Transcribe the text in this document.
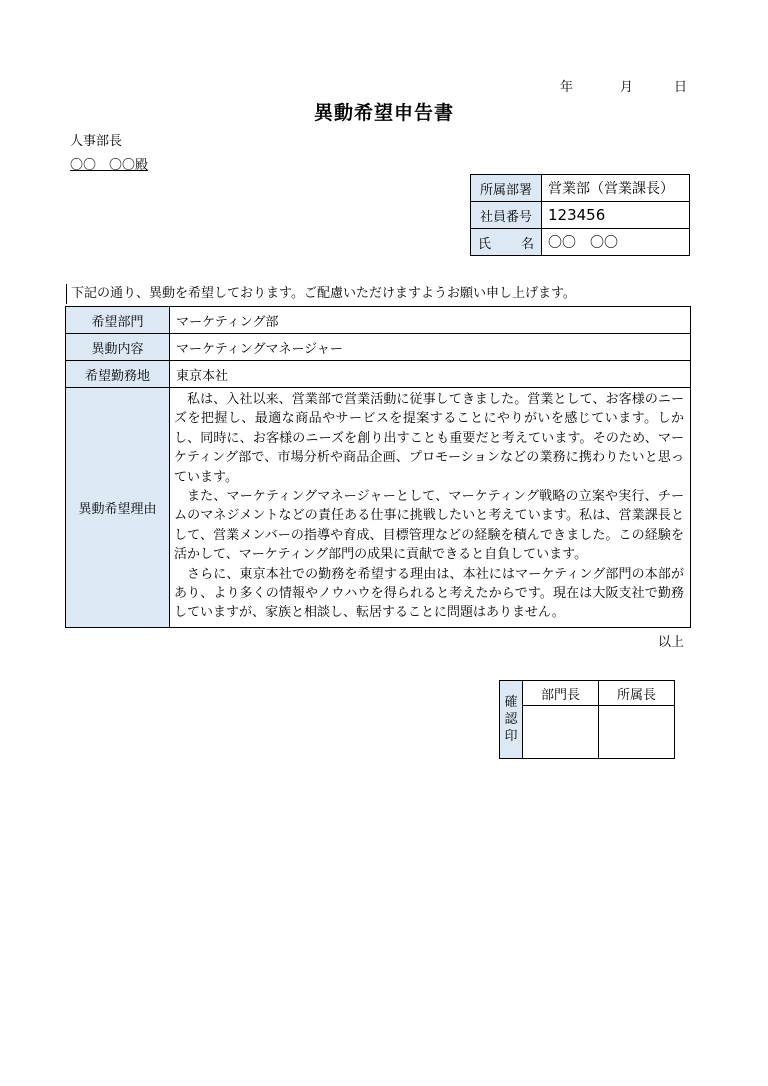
年	月	日
異動希望申告書
人事部長
〇〇　〇〇殿
所属部署	営業部（営業課長）
社員番号	123456
氏 名	〇〇　〇〇
下記の通り、異動を希望しております。ご配慮いただけますようお願い申し上げます。
希望部門	マーケティング部
異動内容	マーケティングマネージャー
希望勤務地	東京本社
異動希望理由	私は、入社以来、営業部で営業活動に従事してきました。営業として、お客様のニーズを把握し、最適な商品やサービスを提案することにやりがいを感じています。しかし、同時に、お客様のニーズを創り出すことも重要だと考えています。そのため、マーケティング部で、市場分析や商品企画、プロモーションなどの業務に携わりたいと思っています。

また、マーケティングマネージャーとして、マーケティング戦略の立案や実行、チームのマネジメントなどの責任ある仕事に挑戦したいと考えています。私は、営業課長として、営業メンバーの指導や育成、目標管理などの経験を積んできました。この経験を活かして、マーケティング部門の成果に貢献できると自負しています。

さらに、東京本社での勤務を希望する理由は、本社にはマーケティング部門の本部があり、より多くの情報やノウハウを得られると考えたからです。現在は大阪支社で勤務していますが、家族と相談し、転居することに問題はありません。

以上
確
認
印	部門長	所属長
